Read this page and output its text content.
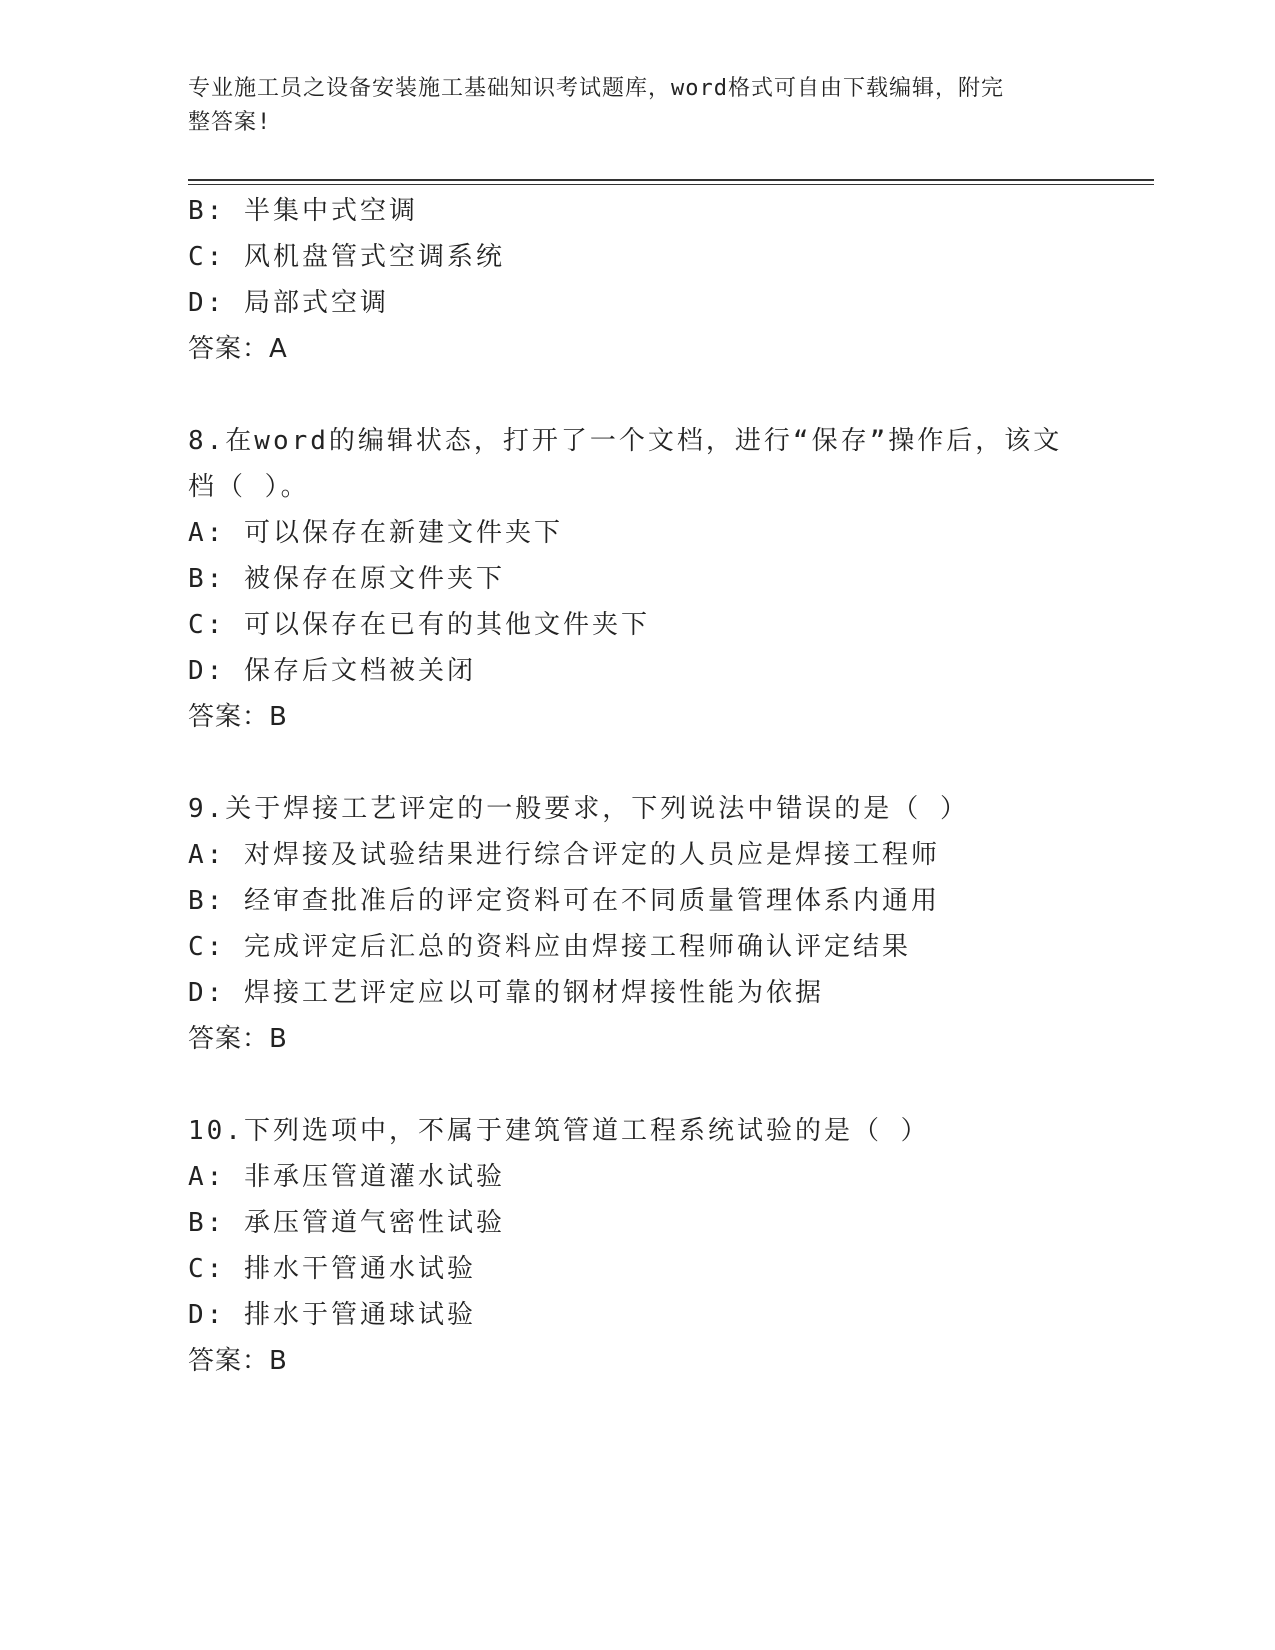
专业施工员之设备安装施工基础知识考试题库，word格式可自由下载编辑，附完
整答案!
B: 半集中式空调
C: 风机盘管式空调系统
D: 局部式空调
答案：A
8.在word的编辑状态，打开了一个文档，进行“保存”操作后，该文
档（ ）。
A: 可以保存在新建文件夹下
B: 被保存在原文件夹下
C: 可以保存在已有的其他文件夹下
D: 保存后文档被关闭
答案：B
9.关于焊接工艺评定的一般要求，下列说法中错误的是（ ）
A: 对焊接及试验结果进行综合评定的人员应是焊接工程师
B: 经审查批准后的评定资料可在不同质量管理体系内通用
C: 完成评定后汇总的资料应由焊接工程师确认评定结果
D: 焊接工艺评定应以可靠的钢材焊接性能为依据
答案：B
10.下列选项中，不属于建筑管道工程系统试验的是（ ）
A: 非承压管道灌水试验
B: 承压管道气密性试验
C: 排水干管通水试验
D: 排水于管通球试验
答案：B
